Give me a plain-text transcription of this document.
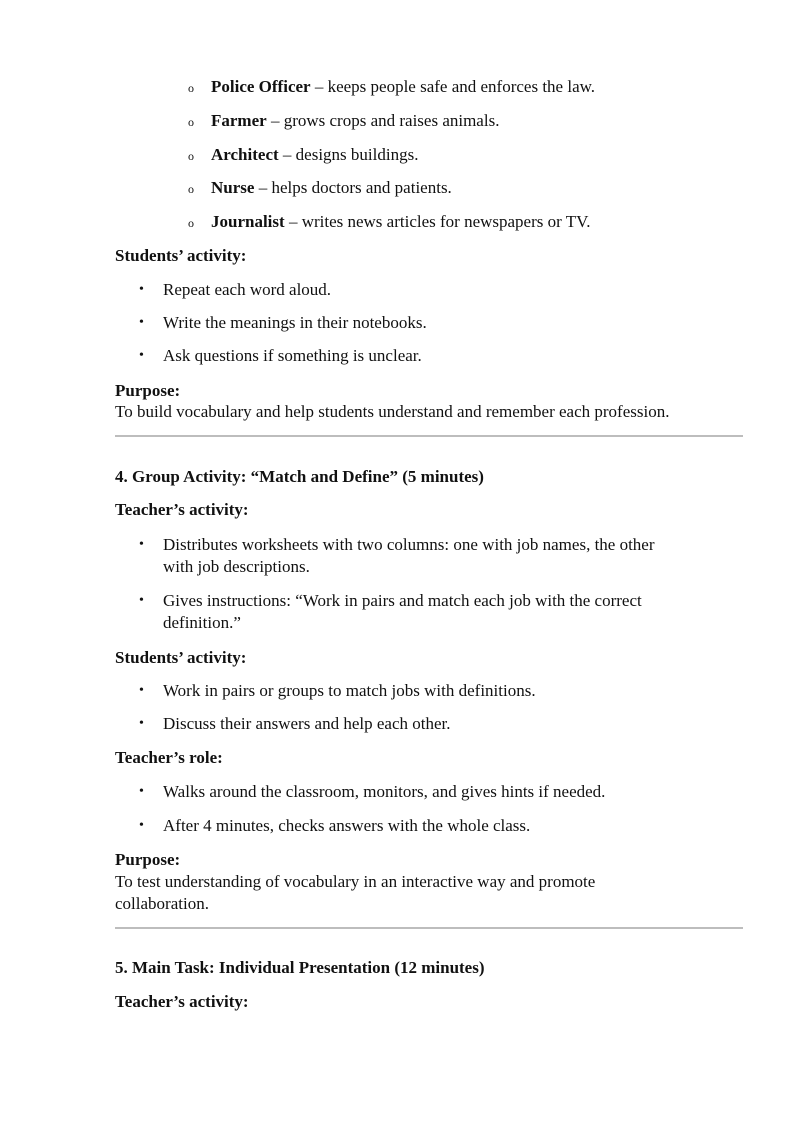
o Police Officer – keeps people safe and enforces the law.
o Farmer – grows crops and raises animals.
o Architect – designs buildings.
o Nurse – helps doctors and patients.
o Journalist – writes news articles for newspapers or TV.
Students’ activity:
• Repeat each word aloud.
• Write the meanings in their notebooks.
• Ask questions if something is unclear.
Purpose:
To build vocabulary and help students understand and remember each profession.
4. Group Activity: “Match and Define” (5 minutes)
Teacher’s activity:
• Distributes worksheets with two columns: one with job names, the other
with job descriptions.
• Gives instructions: “Work in pairs and match each job with the correct
definition.”
Students’ activity:
• Work in pairs or groups to match jobs with definitions.
• Discuss their answers and help each other.
Teacher’s role:
• Walks around the classroom, monitors, and gives hints if needed.
• After 4 minutes, checks answers with the whole class.
Purpose:
To test understanding of vocabulary in an interactive way and promote
collaboration.
5. Main Task: Individual Presentation (12 minutes)
Teacher’s activity:
